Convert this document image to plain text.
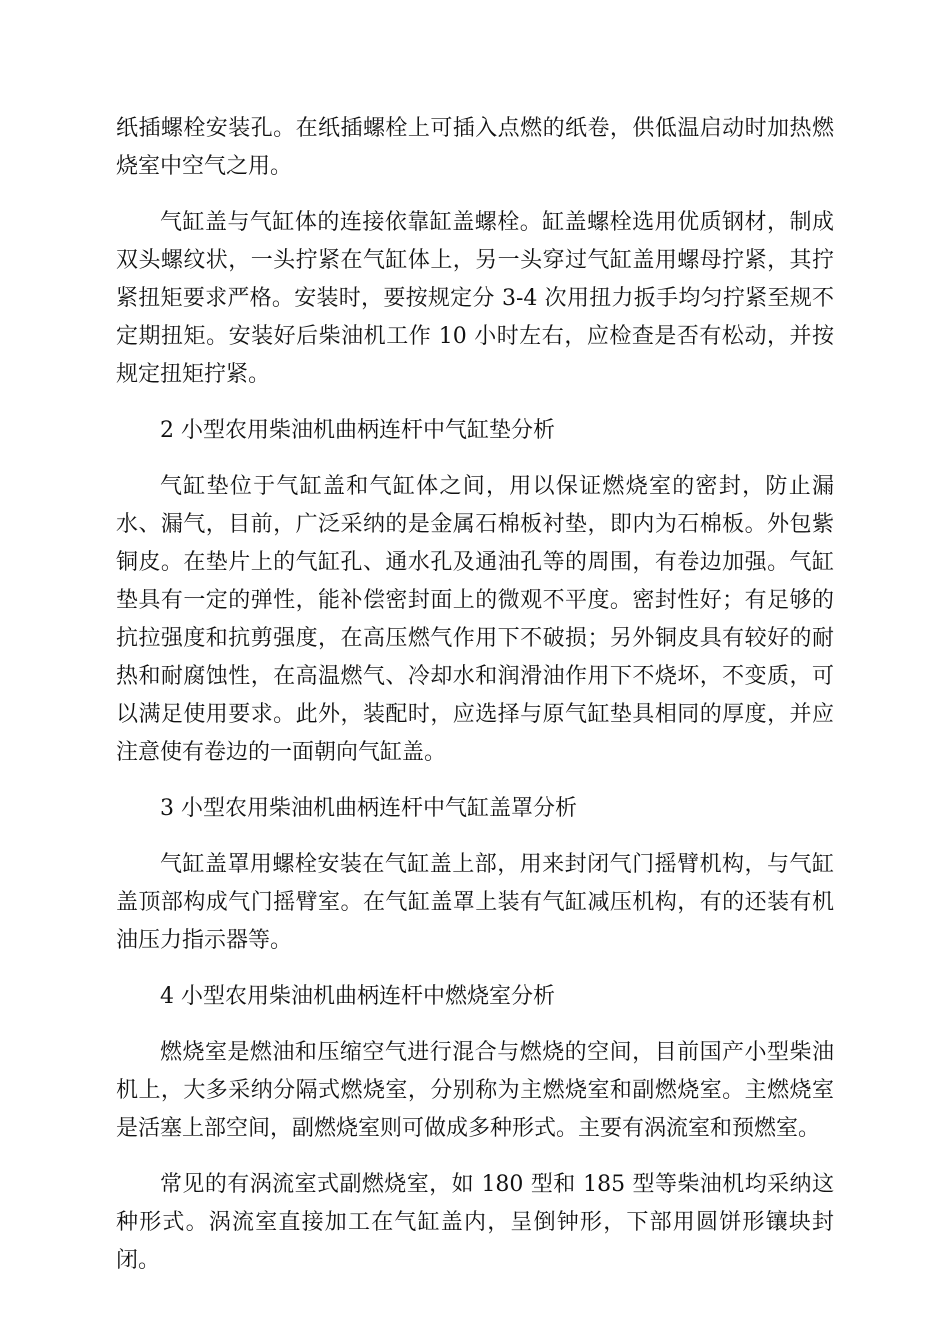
纸插螺栓安装孔。在纸插螺栓上可插入点燃的纸卷，供低温启动时加热燃烧室中空气之用。

气缸盖与气缸体的连接依靠缸盖螺栓。缸盖螺栓选用优质钢材，制成双头螺纹状，一头拧紧在气缸体上，另一头穿过气缸盖用螺母拧紧，其拧紧扭矩要求严格。安装时，要按规定分 3-4 次用扭力扳手均匀拧紧至规不定期扭矩。安装好后柴油机工作 10 小时左右，应检查是否有松动，并按规定扭矩拧紧。

2 小型农用柴油机曲柄连杆中气缸垫分析

气缸垫位于气缸盖和气缸体之间，用以保证燃烧室的密封，防止漏水、漏气，目前，广泛采纳的是金属石棉板衬垫，即内为石棉板。外包紫铜皮。在垫片上的气缸孔、通水孔及通油孔等的周围，有卷边加强。气缸垫具有一定的弹性，能补偿密封面上的微观不平度。密封性好；有足够的抗拉强度和抗剪强度，在高压燃气作用下不破损；另外铜皮具有较好的耐热和耐腐蚀性，在高温燃气、冷却水和润滑油作用下不烧坏，不变质，可以满足使用要求。此外，装配时，应选择与原气缸垫具相同的厚度，并应注意使有卷边的一面朝向气缸盖。

3 小型农用柴油机曲柄连杆中气缸盖罩分析

气缸盖罩用螺栓安装在气缸盖上部，用来封闭气门摇臂机构，与气缸盖顶部构成气门摇臂室。在气缸盖罩上装有气缸减压机构，有的还装有机油压力指示器等。

4 小型农用柴油机曲柄连杆中燃烧室分析

燃烧室是燃油和压缩空气进行混合与燃烧的空间，目前国产小型柴油机上，大多采纳分隔式燃烧室，分别称为主燃烧室和副燃烧室。主燃烧室是活塞上部空间，副燃烧室则可做成多种形式。主要有涡流室和预燃室。

常见的有涡流室式副燃烧室，如 180 型和 185 型等柴油机均采纳这种形式。涡流室直接加工在气缸盖内，呈倒钟形，下部用圆饼形镶块封闭。
